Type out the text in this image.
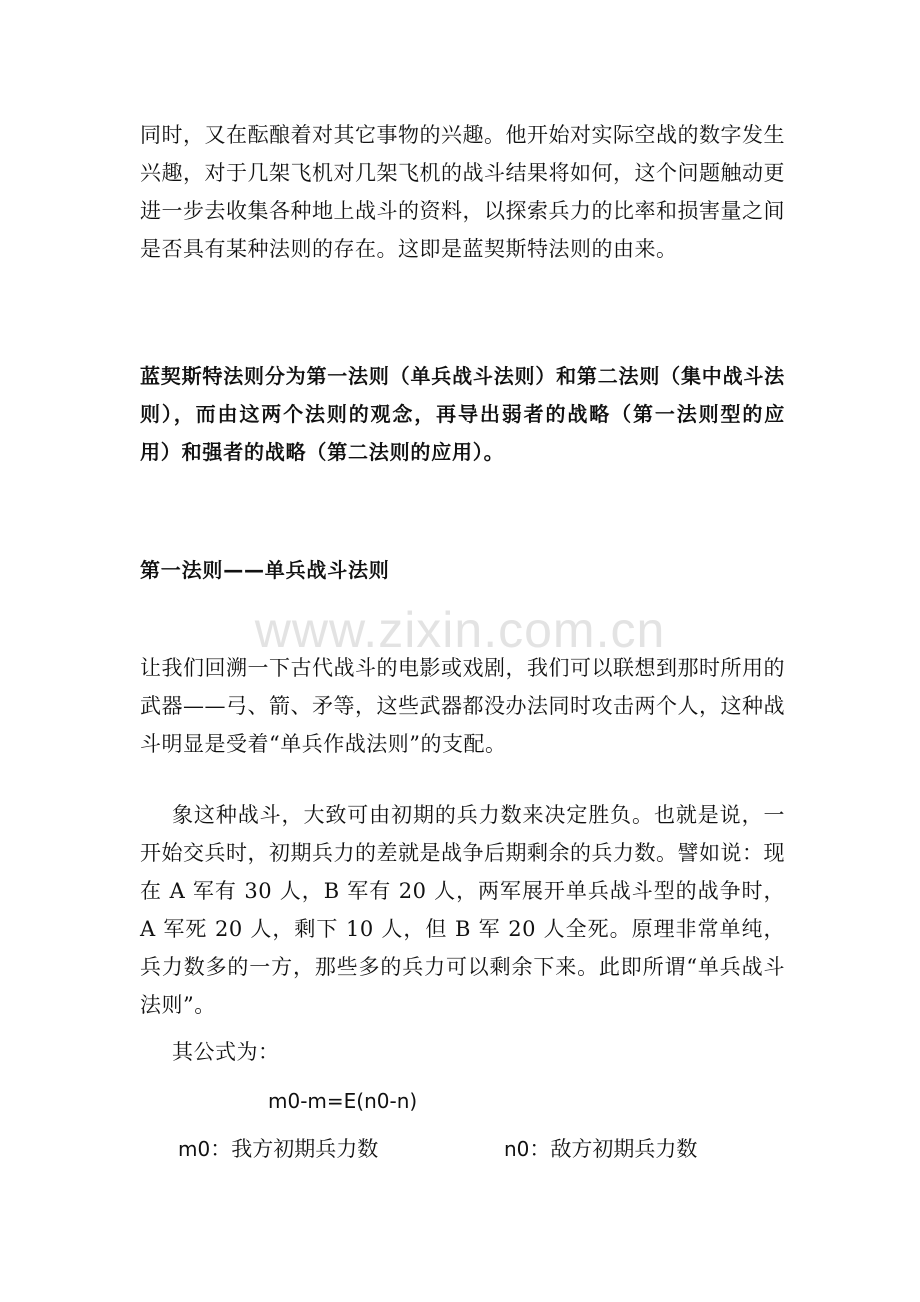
同时，又在酝酿着对其它事物的兴趣。他开始对实际空战的数字发生兴趣，对于几架飞机对几架飞机的战斗结果将如何，这个问题触动更进一步去收集各种地上战斗的资料，以探索兵力的比率和损害量之间是否具有某种法则的存在。这即是蓝契斯特法则的由来。

蓝契斯特法则分为第一法则（单兵战斗法则）和第二法则（集中战斗法则），而由这两个法则的观念，再导出弱者的战略（第一法则型的应用）和强者的战略（第二法则的应用）。

第一法则——单兵战斗法则

让我们回溯一下古代战斗的电影或戏剧，我们可以联想到那时所用的武器——弓、箭、矛等，这些武器都没办法同时攻击两个人，这种战斗明显是受着“单兵作战法则”的支配。

象这种战斗，大致可由初期的兵力数来决定胜负。也就是说，一开始交兵时，初期兵力的差就是战争后期剩余的兵力数。譬如说：现在 A 军有 30 人，B 军有 20 人，两军展开单兵战斗型的战争时，A 军死 20 人，剩下 10 人，但 B 军 20 人全死。原理非常单纯，兵力数多的一方，那些多的兵力可以剩余下来。此即所谓“单兵战斗法则”。

其公式为：

m0-m=E(n0-n)

m0：我方初期兵力数	n0：敌方初期兵力数
www.zixin.com.cn
